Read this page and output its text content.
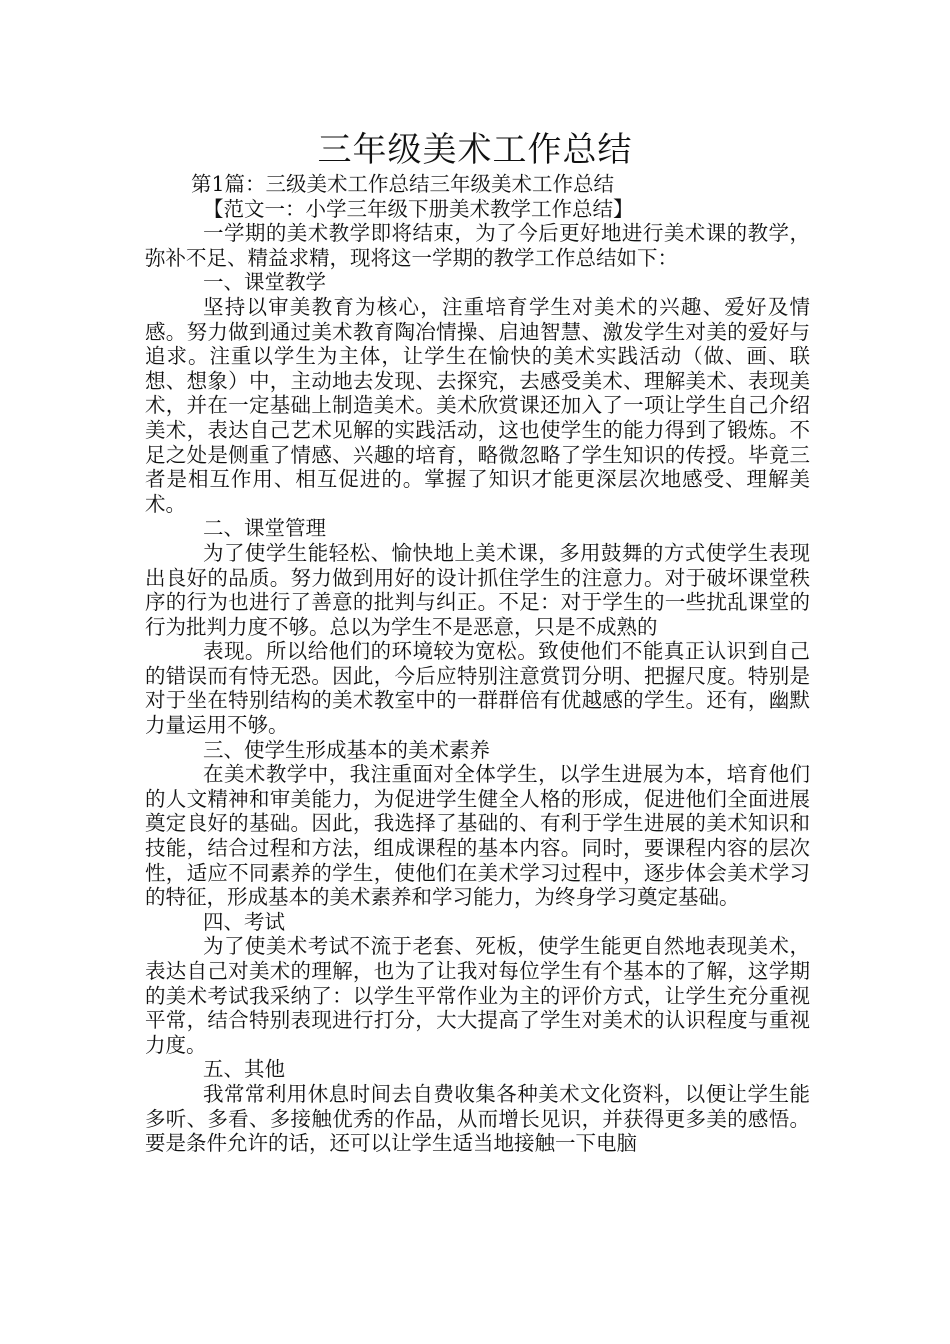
三年级美术工作总结

第1篇：三级美术工作总结三年级美术工作总结

【范文一：小学三年级下册美术教学工作总结】

一学期的美术教学即将结束，为了今后更好地进行美术课的教学，弥补不足、精益求精，现将这一学期的教学工作总结如下：

一、课堂教学

坚持以审美教育为核心，注重培育学生对美术的兴趣、爱好及情感。努力做到通过美术教育陶冶情操、启迪智慧、激发学生对美的爱好与追求。注重以学生为主体，让学生在愉快的美术实践活动（做、画、联想、想象）中，主动地去发现、去探究，去感受美术、理解美术、表现美术，并在一定基础上制造美术。美术欣赏课还加入了一项让学生自己介绍美术，表达自己艺术见解的实践活动，这也使学生的能力得到了锻炼。不足之处是侧重了情感、兴趣的培育，略微忽略了学生知识的传授。毕竟三者是相互作用、相互促进的。掌握了知识才能更深层次地感受、理解美术。

二、课堂管理

为了使学生能轻松、愉快地上美术课，多用鼓舞的方式使学生表现出良好的品质。努力做到用好的设计抓住学生的注意力。对于破坏课堂秩序的行为也进行了善意的批判与纠正。不足：对于学生的一些扰乱课堂的行为批判力度不够。总以为学生不是恶意，只是不成熟的

表现。所以给他们的环境较为宽松。致使他们不能真正认识到自己的错误而有恃无恐。因此，今后应特别注意赏罚分明、把握尺度。特别是对于坐在特别结构的美术教室中的一群群倍有优越感的学生。还有，幽默力量运用不够。

三、使学生形成基本的美术素养

在美术教学中，我注重面对全体学生，以学生进展为本，培育他们的人文精神和审美能力，为促进学生健全人格的形成，促进他们全面进展奠定良好的基础。因此，我选择了基础的、有利于学生进展的美术知识和技能，结合过程和方法，组成课程的基本内容。同时，要课程内容的层次性，适应不同素养的学生，使他们在美术学习过程中，逐步体会美术学习的特征，形成基本的美术素养和学习能力，为终身学习奠定基础。

四、考试

为了使美术考试不流于老套、死板，使学生能更自然地表现美术，表达自己对美术的理解，也为了让我对每位学生有个基本的了解，这学期的美术考试我采纳了：以学生平常作业为主的评价方式，让学生充分重视平常，结合特别表现进行打分，大大提高了学生对美术的认识程度与重视力度。

五、其他

我常常利用休息时间去自费收集各种美术文化资料，以便让学生能多听、多看、多接触优秀的作品，从而增长见识，并获得更多美的感悟。要是条件允许的话，还可以让学生适当地接触一下电脑
